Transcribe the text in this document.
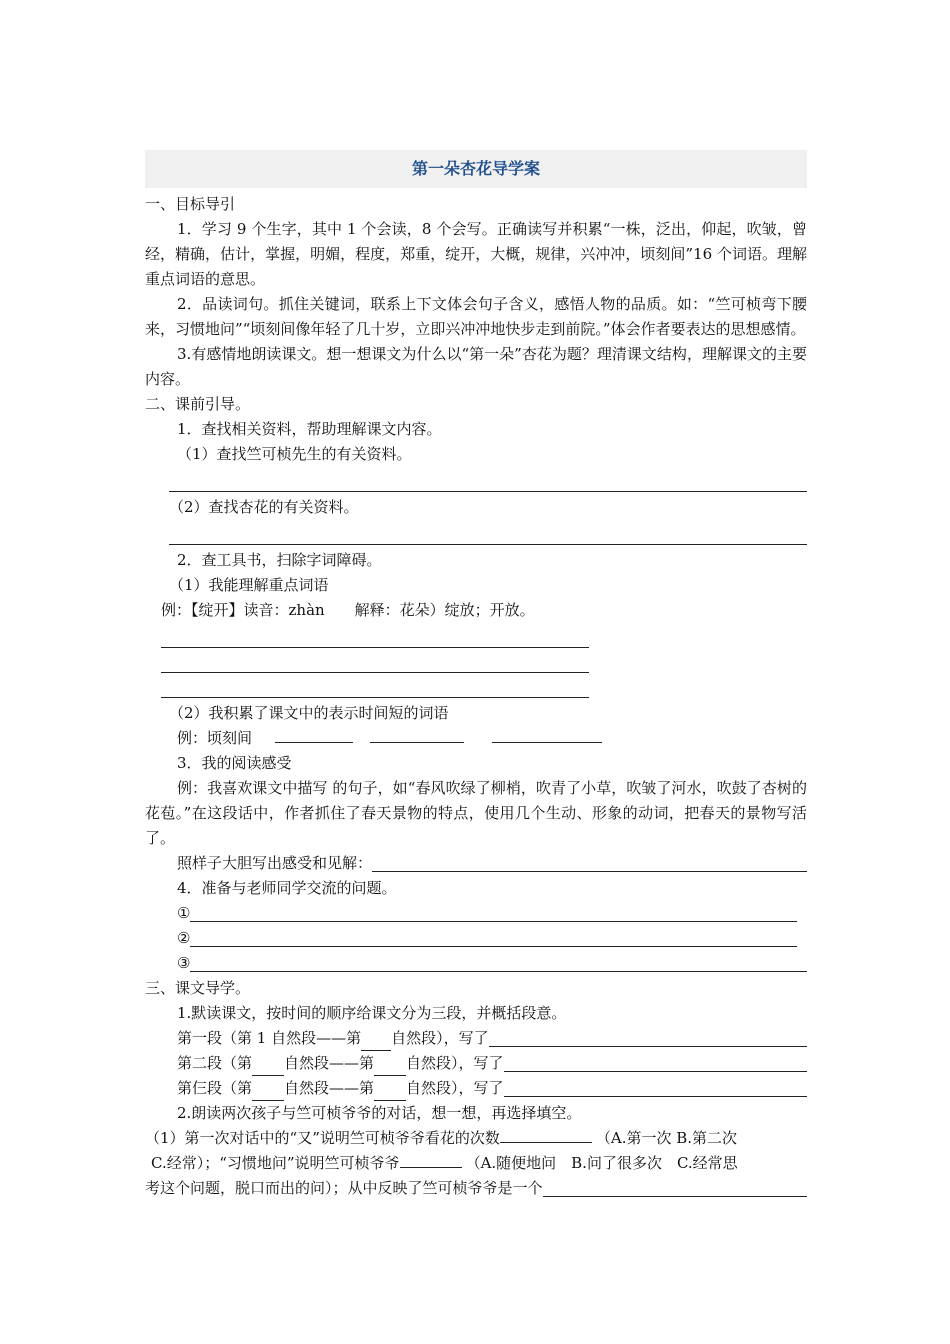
第一朵杏花导学案
一、目标导引
1．学习 9 个生字，其中 1 个会读，8 个会写。正确读写并积累“一株，泛出，仰起，吹皱，曾经，精确，估计，掌握，明媚，程度，郑重，绽开，大概，规律，兴冲冲，顷刻间”16 个词语。理解重点词语的意思。
2．品读词句。抓住关键词，联系上下文体会句子含义，感悟人物的品质。如：“竺可桢弯下腰来，习惯地问”“顷刻间像年轻了几十岁，立即兴冲冲地快步走到前院。”体会作者要表达的思想感情。
3.有感情地朗读课文。想一想课文为什么以“第一朵”杏花为题？理清课文结构，理解课文的主要内容。
二、课前引导。
1．查找相关资料，帮助理解课文内容。
（1）查找竺可桢先生的有关资料。
（2）查找杏花的有关资料。
2．查工具书，扫除字词障碍。
（1）我能理解重点词语
例：【绽开】读音：zhàn　　解释：花朵）绽放；开放。
（2）我积累了课文中的表示时间短的词语
例：顷刻间
3．我的阅读感受
例：我喜欢课文中描写 的句子，如“春风吹绿了柳梢，吹青了小草，吹皱了河水，吹鼓了杏树的花苞。”在这段话中，作者抓住了春天景物的特点，使用几个生动、形象的动词，把春天的景物写活了。
照样子大胆写出感受和见解：
4．准备与老师同学交流的问题。
①
②
③
三、课文导学。
1.默读课文，按时间的顺序给课文分为三段，并概括段意。
第一段（第 1 自然段——第 自然段），写了
第二段（第 自然段——第 自然段），写了
第仨段（第 自然段——第 自然段），写了
2.朗读两次孩子与竺可桢爷爷的对话，想一想，再选择填空。
（1）第一次对话中的“又”说明竺可桢爷爷看花的次数	（A.第一次 B.第二次
C.经常）；“习惯地问”说明竺可桢爷爷	（A.随便地问　B.问了很多次　C.经常思
考这个问题，脱口而出的问）；从中反映了竺可桢爷爷是一个
